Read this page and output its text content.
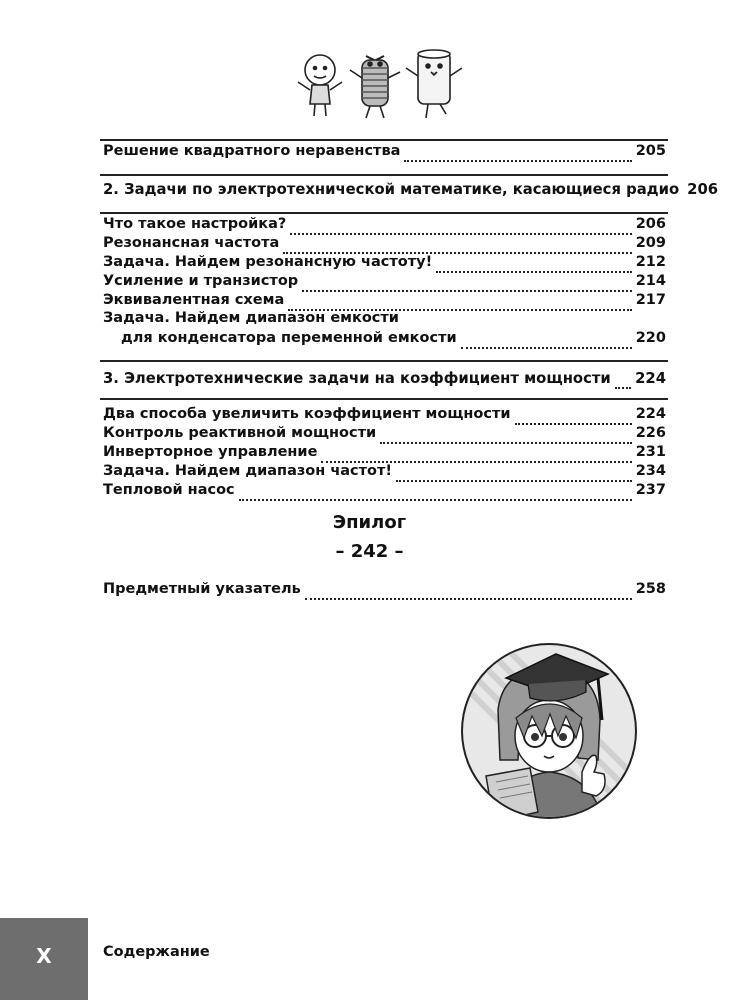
Решение квадратного неравенства	205
2. Задачи по электротехнической математике, касающиеся радио 206
Что такое настройка?	206
Резонансная частота	209
Задача. Найдем резонансную частоту!	212
Усиление и транзистор	214
Эквивалентная схема	217
Задача. Найдем диапазон емкости
для конденсатора переменной емкости	220
3. Электротехнические задачи на коэффициент мощности 224
Два способа увеличить коэффициент мощности	224
Контроль реактивной мощности	226
Инверторное управление	231
Задача. Найдем диапазон частот!	234
Тепловой насос	237
Эпилог
– 242 –
Предметный указатель	258
X	Содержание
